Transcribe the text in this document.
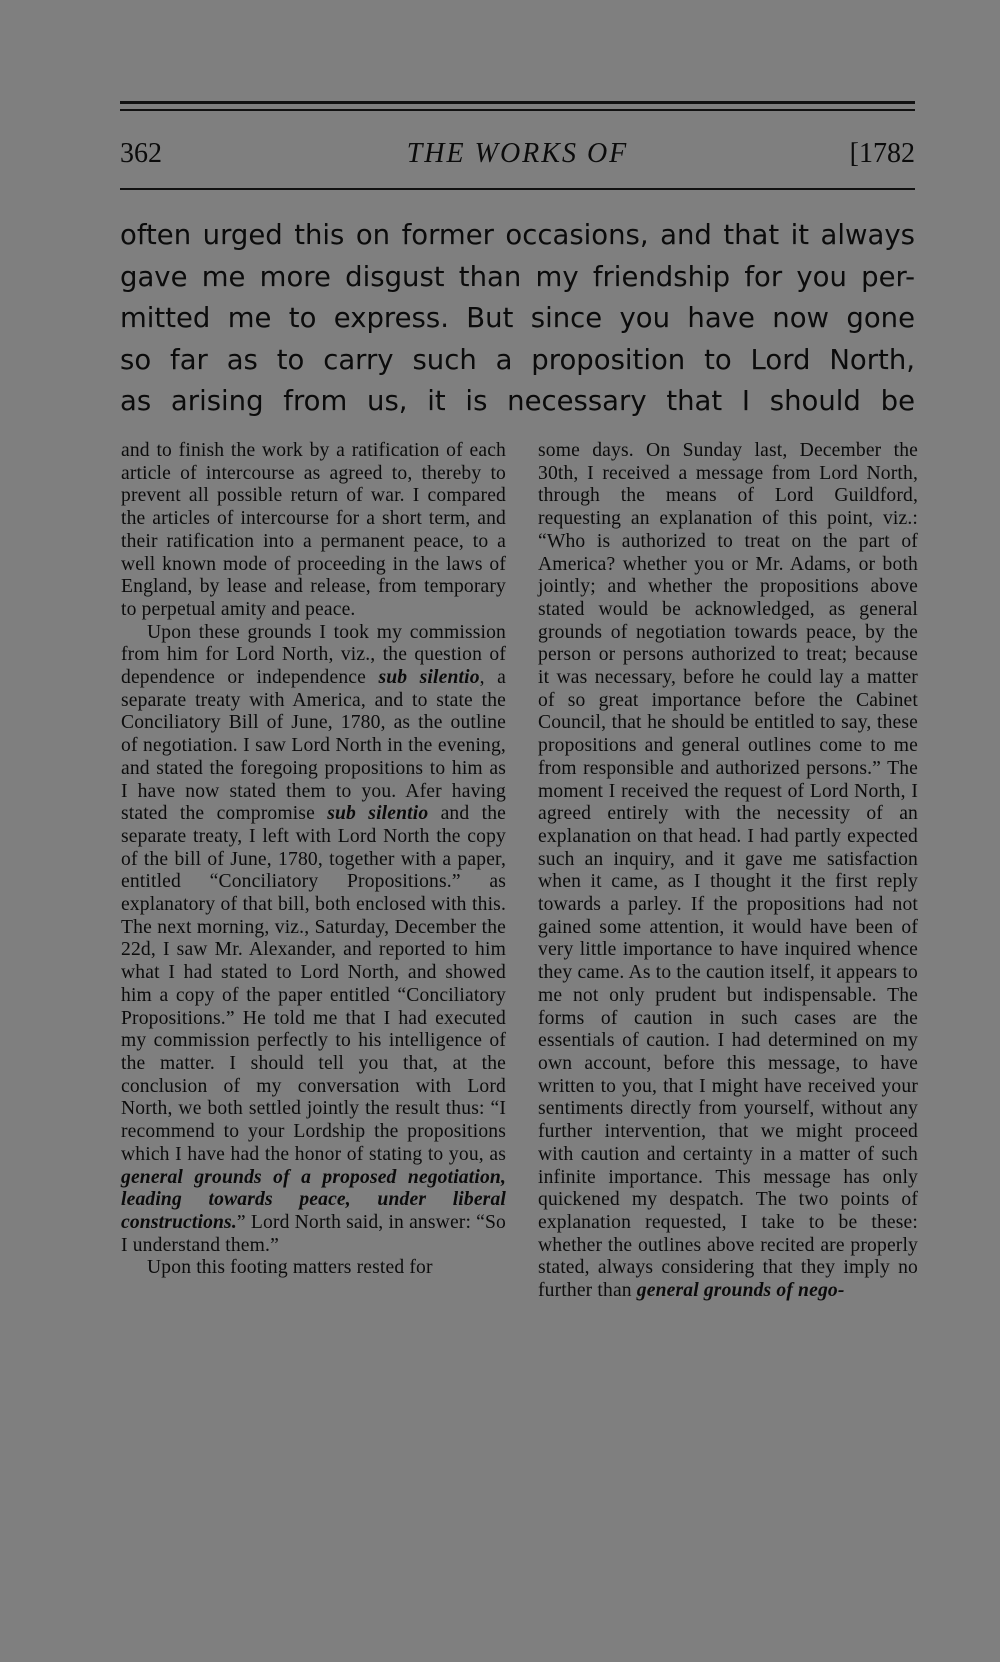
362	THE WORKS OF	[1782
often urged this on former occasions, and that it always
gave me more disgust than my friendship for you per-
mitted me to express. But since you have now gone
so far as to carry such a proposition to Lord North,
as arising from us, it is necessary that I should be

and to finish the work by a ratification of each article of intercourse as agreed to, thereby to prevent all possible return of war. I compared the articles of intercourse for a short term, and their ratification into a permanent peace, to a well known mode of proceeding in the laws of England, by lease and release, from temporary to perpetual amity and peace.

Upon these grounds I took my commission from him for Lord North, viz., the question of dependence or independence sub silentio, a separate treaty with America, and to state the Conciliatory Bill of June, 1780, as the outline of negotiation. I saw Lord North in the evening, and stated the foregoing propositions to him as I have now stated them to you. Afer having stated the compromise sub silentio and the separate treaty, I left with Lord North the copy of the bill of June, 1780, together with a paper, entitled “Conciliatory Propositions.” as explanatory of that bill, both enclosed with this. The next morning, viz., Saturday, December the 22d, I saw Mr. Alexander, and reported to him what I had stated to Lord North, and showed him a copy of the paper entitled “Conciliatory Propositions.” He told me that I had executed my commission perfectly to his intelligence of the matter. I should tell you that, at the conclusion of my conversation with Lord North, we both settled jointly the result thus: “I recommend to your Lordship the propositions which I have had the honor of stating to you, as general grounds of a proposed negotiation, leading towards peace, under liberal constructions.” Lord North said, in answer: “So I understand them.”

Upon this footing matters rested for

some days. On Sunday last, December the 30th, I received a message from Lord North, through the means of Lord Guildford, requesting an explanation of this point, viz.: “Who is authorized to treat on the part of America? whether you or Mr. Adams, or both jointly; and whether the propositions above stated would be acknowledged, as general grounds of negotiation towards peace, by the person or persons authorized to treat; because it was necessary, before he could lay a matter of so great importance before the Cabinet Council, that he should be entitled to say, these propositions and general outlines come to me from responsible and authorized persons.” The moment I received the request of Lord North, I agreed entirely with the necessity of an explanation on that head. I had partly expected such an inquiry, and it gave me satisfaction when it came, as I thought it the first reply towards a parley. If the propositions had not gained some attention, it would have been of very little importance to have inquired whence they came. As to the caution itself, it appears to me not only prudent but indispensable. The forms of caution in such cases are the essentials of caution. I had determined on my own account, before this message, to have written to you, that I might have received your sentiments directly from yourself, without any further intervention, that we might proceed with caution and certainty in a matter of such infinite importance. This message has only quickened my despatch. The two points of explanation requested, I take to be these: whether the outlines above recited are properly stated, always considering that they imply no further than general grounds of nego-
